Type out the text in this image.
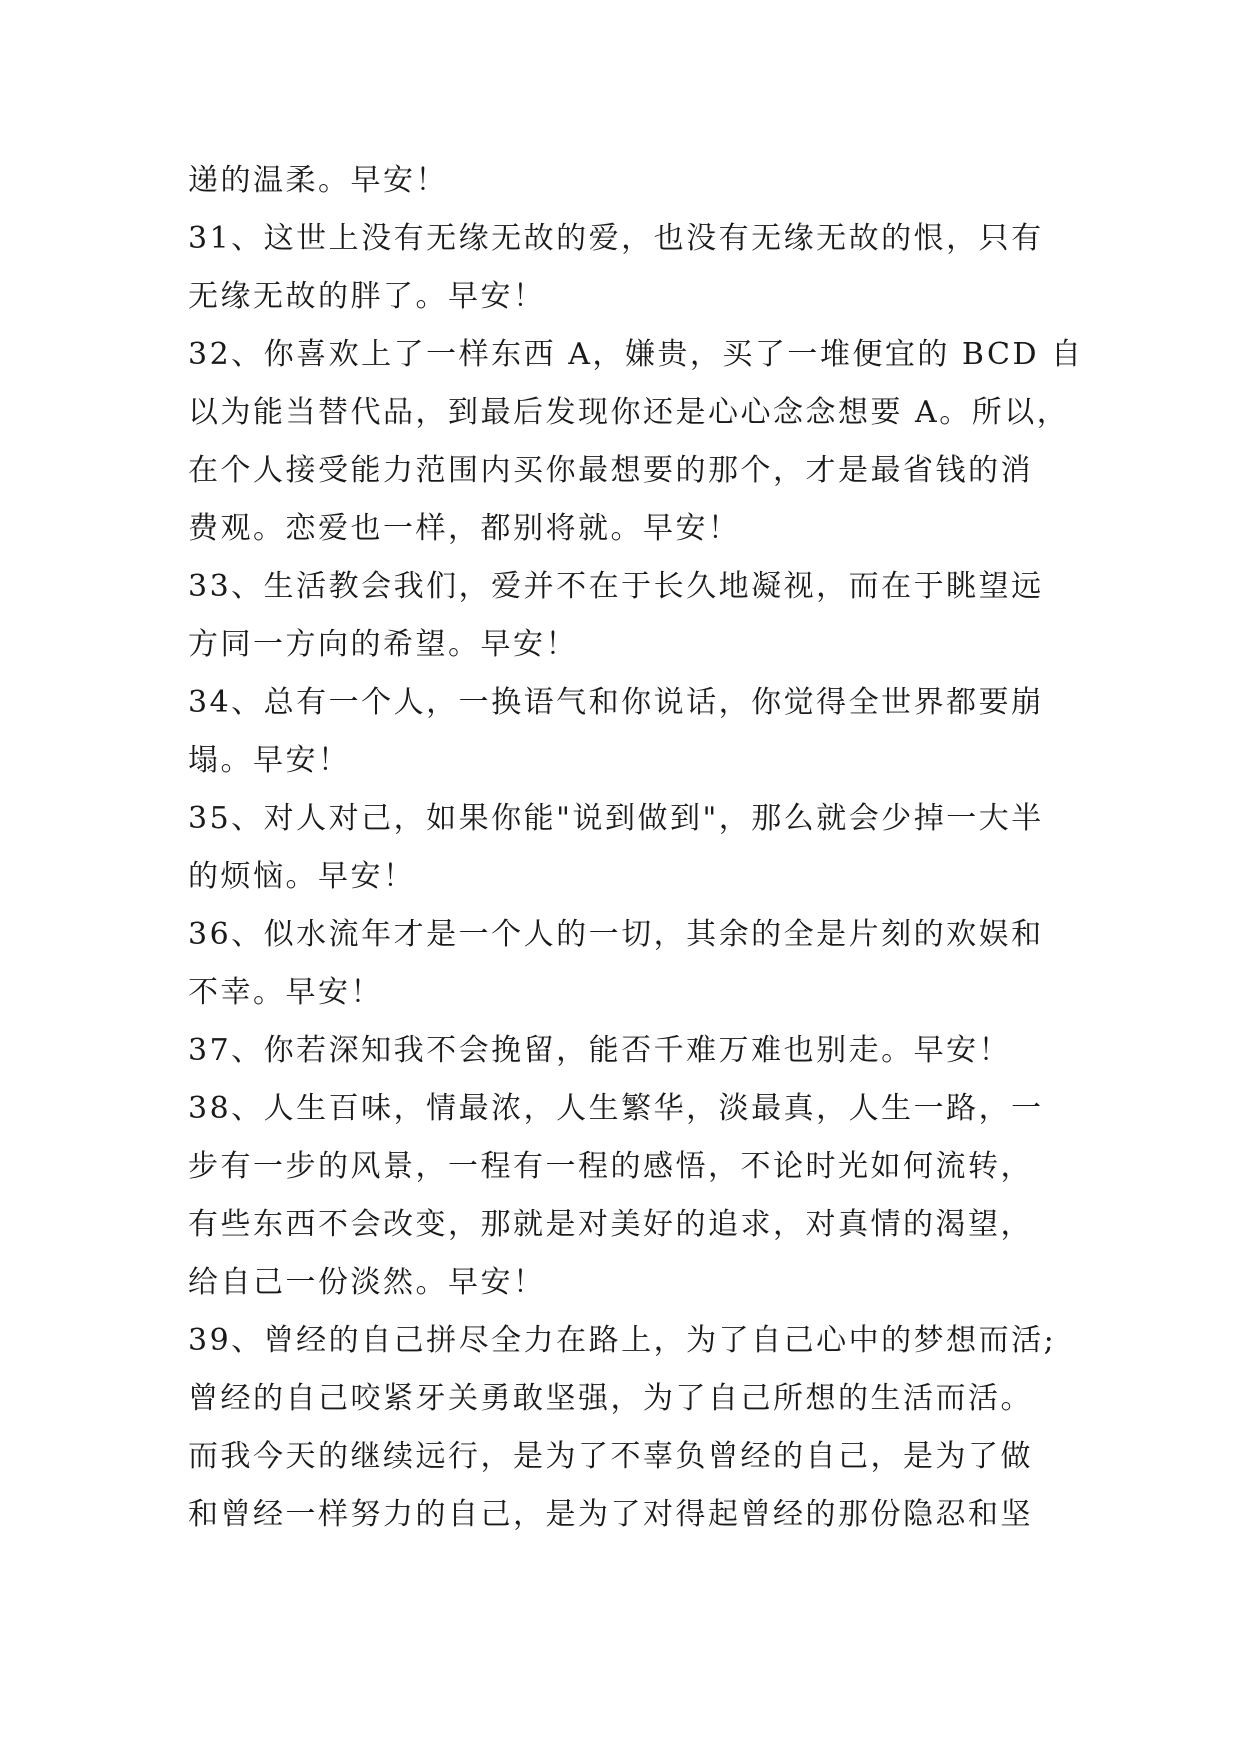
递的温柔。早安！
31、这世上没有无缘无故的爱，也没有无缘无故的恨，只有
无缘无故的胖了。早安！
32、你喜欢上了一样东西 A，嫌贵，买了一堆便宜的 BCD 自
以为能当替代品，到最后发现你还是心心念念想要 A。所以，
在个人接受能力范围内买你最想要的那个，才是最省钱的消
费观。恋爱也一样，都别将就。早安！
33、生活教会我们，爱并不在于长久地凝视，而在于眺望远
方同一方向的希望。早安！
34、总有一个人，一换语气和你说话，你觉得全世界都要崩
塌。早安！
35、对人对己，如果你能"说到做到"，那么就会少掉一大半
的烦恼。早安！
36、似水流年才是一个人的一切，其余的全是片刻的欢娱和
不幸。早安！
37、你若深知我不会挽留，能否千难万难也别走。早安！
38、人生百味，情最浓，人生繁华，淡最真，人生一路，一
步有一步的风景，一程有一程的感悟，不论时光如何流转，
有些东西不会改变，那就是对美好的追求，对真情的渴望，
给自己一份淡然。早安！
39、曾经的自己拼尽全力在路上，为了自己心中的梦想而活;
曾经的自己咬紧牙关勇敢坚强，为了自己所想的生活而活。
而我今天的继续远行，是为了不辜负曾经的自己，是为了做
和曾经一样努力的自己，是为了对得起曾经的那份隐忍和坚
